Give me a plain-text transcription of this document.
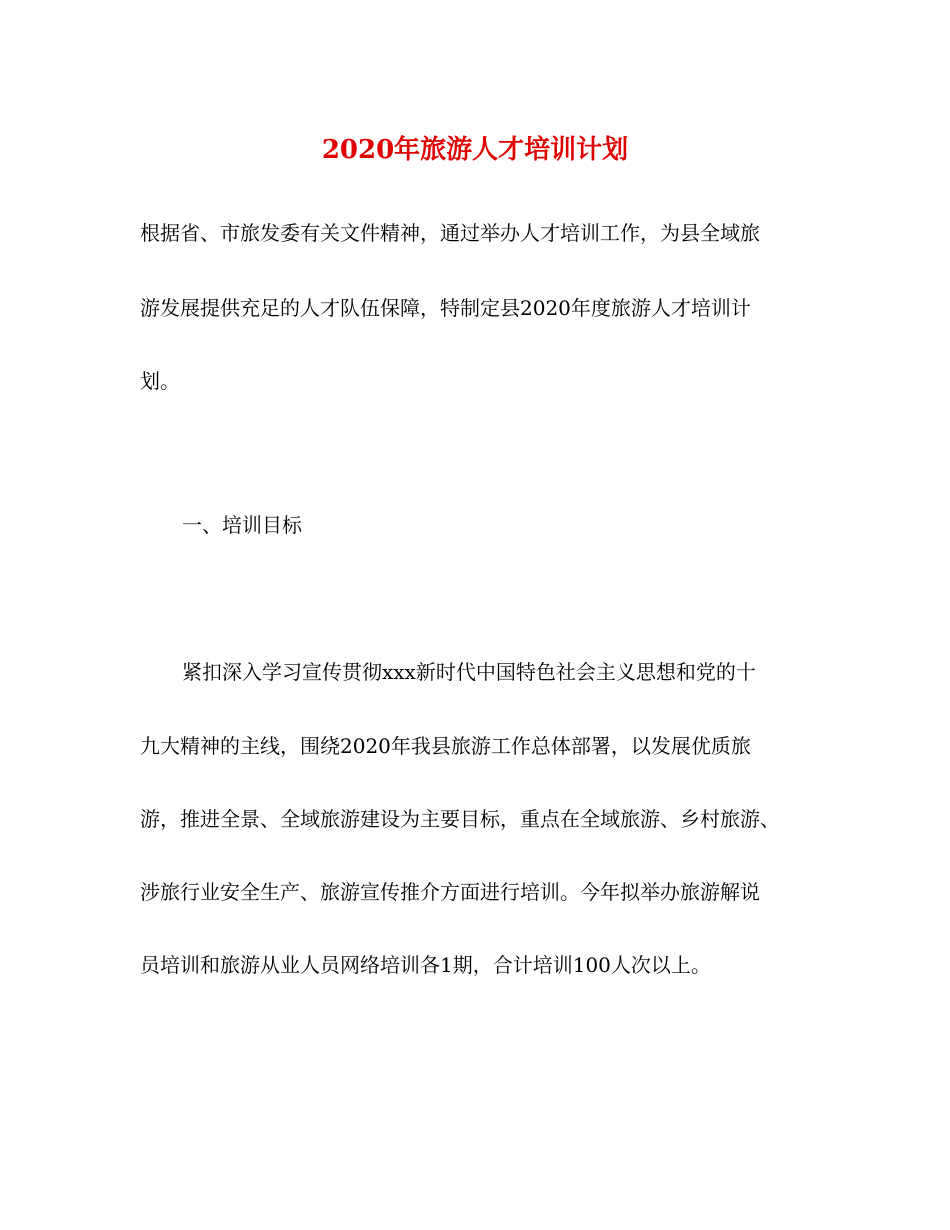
2020年旅游人才培训计划
根据省、市旅发委有关文件精神，通过举办人才培训工作，为县全域旅
游发展提供充足的人才队伍保障，特制定县2020年度旅游人才培训计
划。
一、培训目标
紧扣深入学习宣传贯彻xxx新时代中国特色社会主义思想和党的十
九大精神的主线，围绕2020年我县旅游工作总体部署，以发展优质旅
游，推进全景、全域旅游建设为主要目标，重点在全域旅游、乡村旅游、
涉旅行业安全生产、旅游宣传推介方面进行培训。今年拟举办旅游解说
员培训和旅游从业人员网络培训各1期，合计培训100人次以上。
